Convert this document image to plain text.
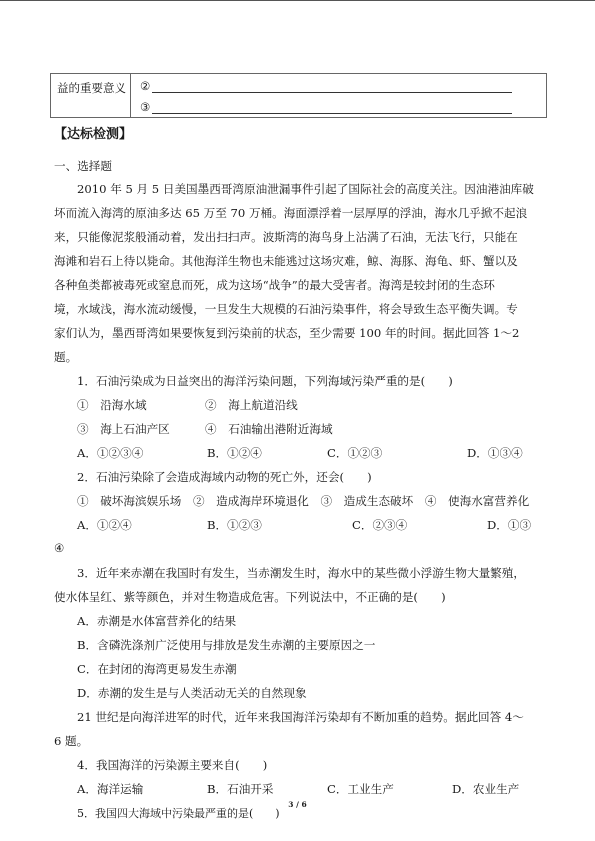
益的重要意义 ②
③
【达标检测】
一、选择题
2010 年 5 月 5 日美国墨西哥湾原油泄漏事件引起了国际社会的高度关注。因油港油库破
坏而流入海湾的原油多达 65 万至 70 万桶。海面漂浮着一层厚厚的浮油，海水几乎掀不起浪
来，只能像泥浆般涌动着，发出扫扫声。波斯湾的海鸟身上沾满了石油，无法飞行，只能在
海滩和岩石上待以毙命。其他海洋生物也未能逃过这场灾难，鲸、海豚、海龟、虾、蟹以及
各种鱼类都被毒死或窒息而死，成为这场“战争”的最大受害者。海湾是较封闭的生态环
境，水域浅，海水流动缓慢，一旦发生大规模的石油污染事件，将会导致生态平衡失调。专
家们认为，墨西哥湾如果要恢复到污染前的状态，至少需要 100 年的时间。据此回答 1～2
题。
1．石油污染成为日益突出的海洋污染问题，下列海域污染严重的是(　　)
①　沿海水域	②　海上航道沿线
③　海上石油产区	④　石油输出港附近海域
A．①②③④	B．①②④	C．①②③	D．①③④
2．石油污染除了会造成海域内动物的死亡外，还会(　　)
①　破坏海滨娱乐场　②　造成海岸环境退化　③　造成生态破坏　④　使海水富营养化
A．①②④	B．①②③	C．②③④	D．①③
④
3．近年来赤潮在我国时有发生，当赤潮发生时，海水中的某些微小浮游生物大量繁殖，
使水体呈红、紫等颜色，并对生物造成危害。下列说法中，不正确的是(　　)
A．赤潮是水体富营养化的结果
B．含磷洗涤剂广泛使用与排放是发生赤潮的主要原因之一
C．在封闭的海湾更易发生赤潮
D．赤潮的发生是与人类活动无关的自然现象
21 世纪是向海洋进军的时代，近年来我国海洋污染却有不断加重的趋势。据此回答 4～
6 题。
4．我国海洋的污染源主要来自(　　)
A．海洋运输	B．石油开采	C．工业生产	D．农业生产
5．我国四大海域中污染最严重的是(　　)
3 / 6
